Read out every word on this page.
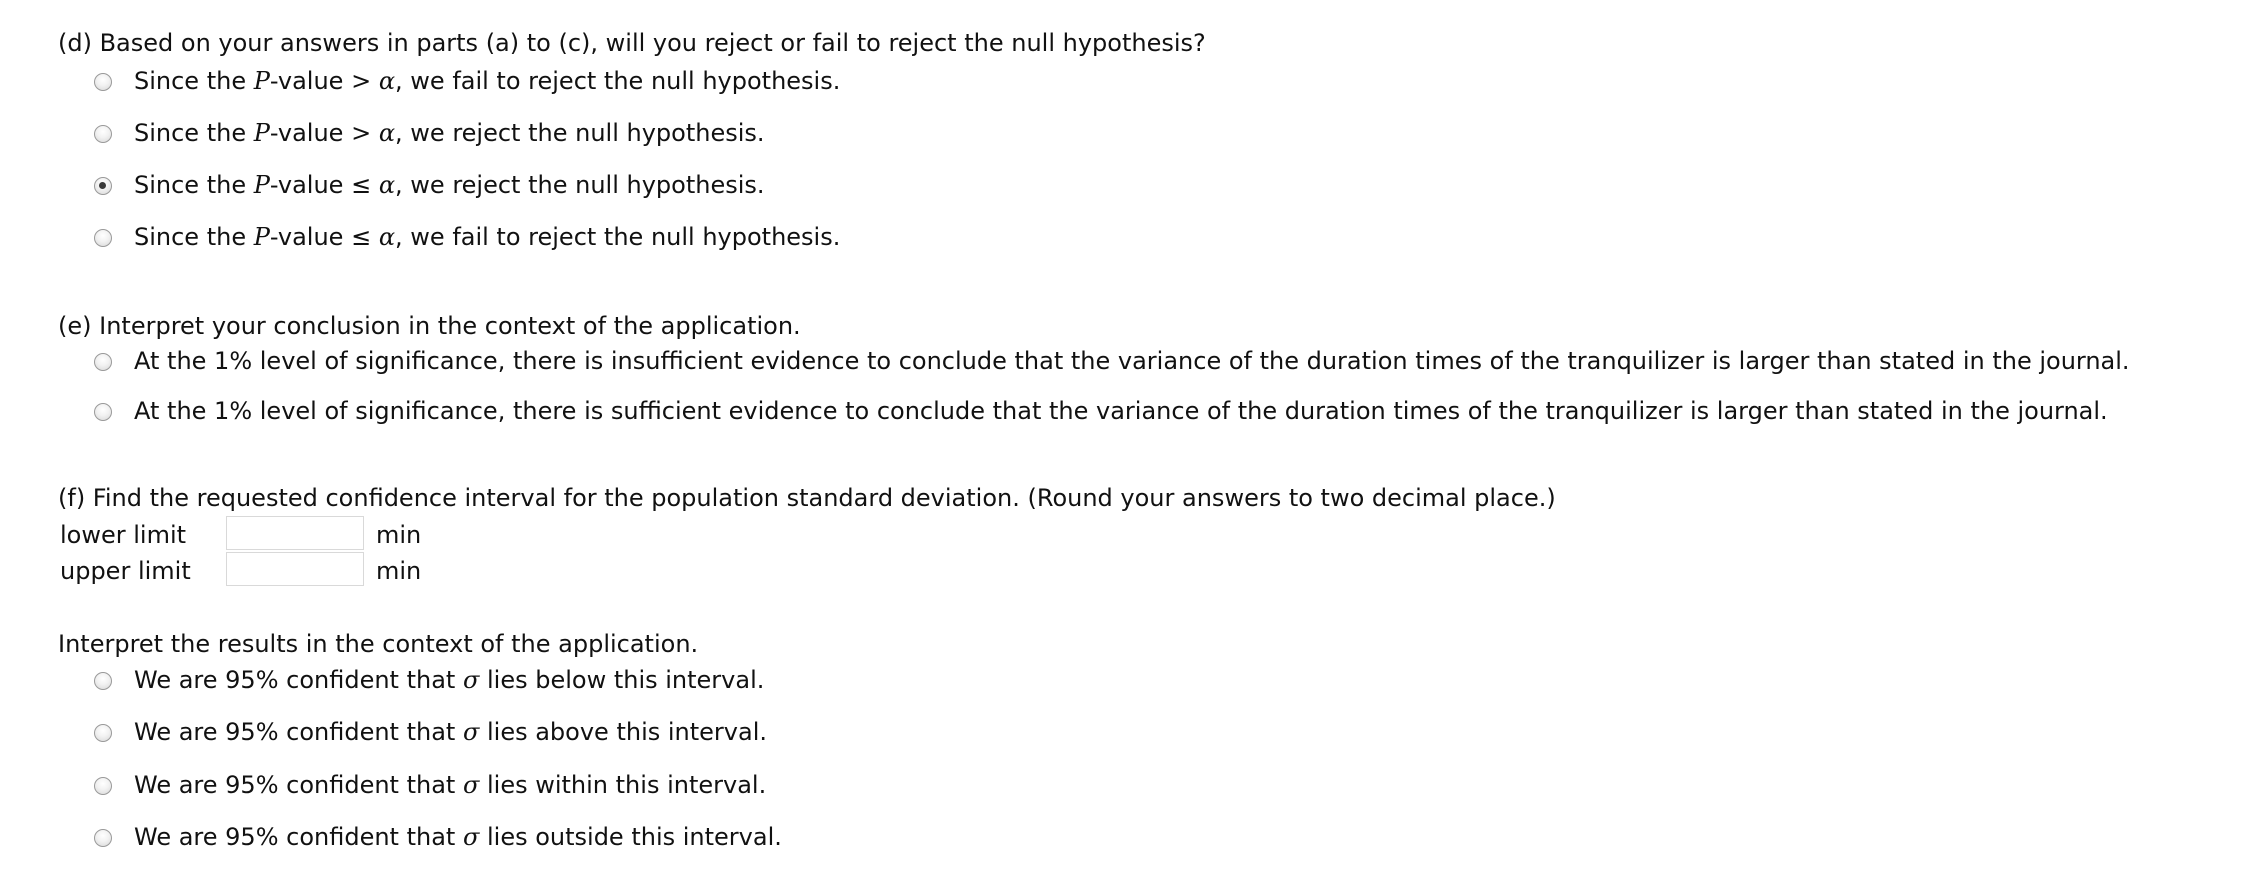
(d) Based on your answers in parts (a) to (c), will you reject or fail to reject the null hypothesis?
Since the P-value > α, we fail to reject the null hypothesis.
Since the P-value > α, we reject the null hypothesis.
Since the P-value ≤ α, we reject the null hypothesis.
Since the P-value ≤ α, we fail to reject the null hypothesis.
(e) Interpret your conclusion in the context of the application.
At the 1% level of significance, there is insufficient evidence to conclude that the variance of the duration times of the tranquilizer is larger than stated in the journal.
At the 1% level of significance, there is sufficient evidence to conclude that the variance of the duration times of the tranquilizer is larger than stated in the journal.
(f) Find the requested confidence interval for the population standard deviation. (Round your answers to two decimal place.)
lower limit	min
upper limit	min
Interpret the results in the context of the application.
We are 95% confident that σ lies below this interval.
We are 95% confident that σ lies above this interval.
We are 95% confident that σ lies within this interval.
We are 95% confident that σ lies outside this interval.
